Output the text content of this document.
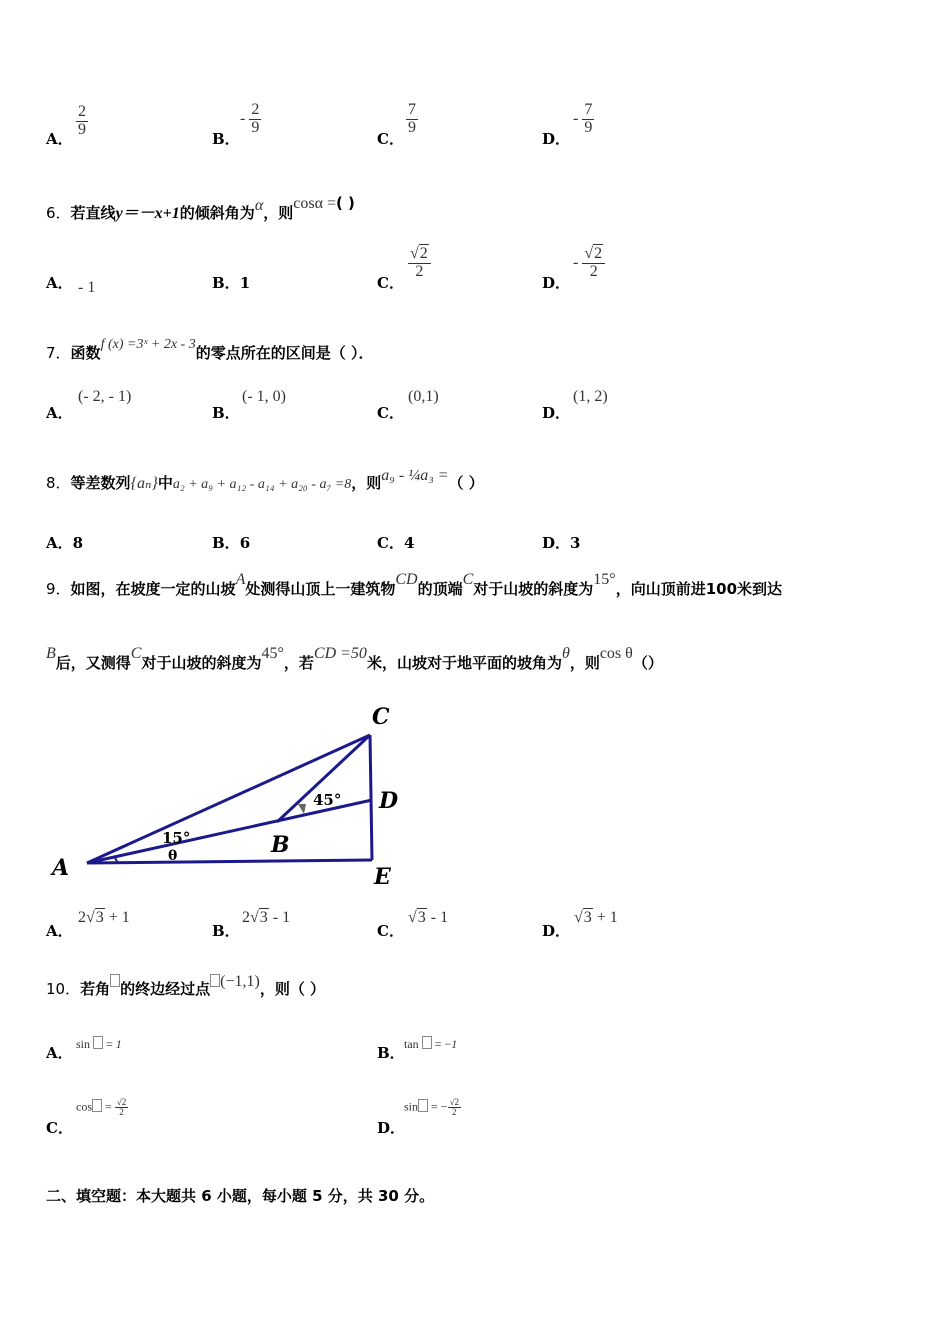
A．
$\frac{2}{9}$
B．
- $\frac{2}{9}$
C．
$\frac{7}{9}$
D．
- $\frac{7}{9}$
6．若直线y＝－x+1的倾斜角为α，则cosα =( )
A． - 1	B．1	C．
$\frac{√2}{2}$
D．
- $\frac{√2}{2}$
7．函数f (x) =3ˣ + 2x - 3的零点所在的区间是（ ）．
A．
(- 2, - 1)
B．
(- 1, 0)
C．
(0,1)
D．
(1, 2)
8．等差数列{aₙ}中a₂ + a₉ + a₁₂ - a₁₄ + a₂₀ - a₇ =8，则a₉ - ¼a₃ =（ ）
A．8	B．6	C．4	D．3
9．如图，在坡度一定的山坡A处测得山顶上一建筑物CD的顶端C对于山坡的斜度为15°，向山顶前进100米到达
B后，又测得C对于山坡的斜度为45°，若CD =50米，山坡对于地平面的坡角为θ，则cos θ（）
C
D
A
B
E
45°
15°
θ
A．
2√3 + 1
B．
2√3 - 1
C．
√3 - 1
D．
√3 + 1
10．若角 的终边经过点 (−1,1)，则（ ）
A． sin  = 1	B． tan  = −1
C．
$\cos = \frac{√2}{2}$
D．
sin = − $\frac{√2}{2}$
二、填空题：本大题共 6 小题，每小题 5 分，共 30 分。
